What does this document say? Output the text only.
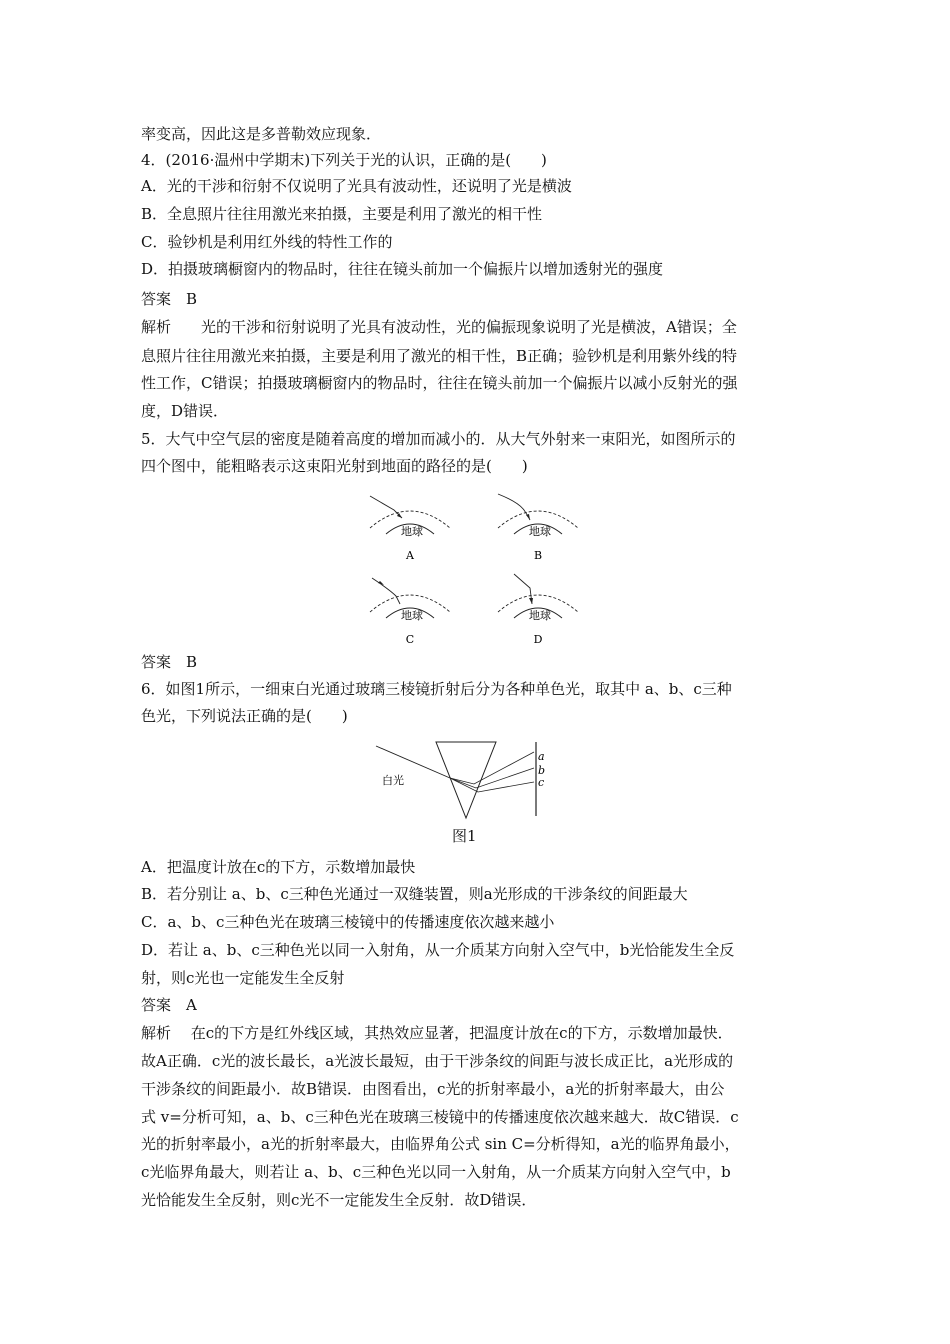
率变高，因此这是多普勒效应现象．
4．(2016·温州中学期末)下列关于光的认识，正确的是(　　)
A．光的干涉和衍射不仅说明了光具有波动性，还说明了光是横波
B．全息照片往往用激光来拍摄，主要是利用了激光的相干性
C．验钞机是利用红外线的特性工作的
D．拍摄玻璃橱窗内的物品时，往往在镜头前加一个偏振片以增加透射光的强度
答案　B
解析　　光的干涉和衍射说明了光具有波动性，光的偏振现象说明了光是横波，A错误；全
息照片往往用激光来拍摄，主要是利用了激光的相干性，B正确；验钞机是利用紫外线的特
性工作，C错误；拍摄玻璃橱窗内的物品时，往往在镜头前加一个偏振片以减小反射光的强
度，D错误．
5．大气中空气层的密度是随着高度的增加而减小的．从大气外射来一束阳光，如图所示的
四个图中，能粗略表示这束阳光射到地面的路径的是(　　)
地球
A
地球
B
地球
C
地球
D
答案　B
6．如图1所示，一细束白光通过玻璃三棱镜折射后分为各种单色光，取其中 a、b、c三种
色光，下列说法正确的是(　　)
白光
a
b
c
图1
A．把温度计放在c的下方，示数增加最快
B．若分别让 a、b、c三种色光通过一双缝装置，则a光形成的干涉条纹的间距最大
C．a、b、c三种色光在玻璃三棱镜中的传播速度依次越来越小
D．若让 a、b、c三种色光以同一入射角，从一介质某方向射入空气中，b光恰能发生全反
射，则c光也一定能发生全反射
答案　A
解析　 在c的下方是红外线区域，其热效应显著，把温度计放在c的下方，示数增加最快．
故A正确．c光的波长最长，a光波长最短，由于干涉条纹的间距与波长成正比，a光形成的
干涉条纹的间距最小．故B错误．由图看出，c光的折射率最小，a光的折射率最大，由公
式 v=分析可知，a、b、c三种色光在玻璃三棱镜中的传播速度依次越来越大．故C错误．c
光的折射率最小，a光的折射率最大，由临界角公式 sin C=分析得知，a光的临界角最小，
c光临界角最大，则若让 a、b、c三种色光以同一入射角，从一介质某方向射入空气中，b
光恰能发生全反射，则c光不一定能发生全反射．故D错误．
